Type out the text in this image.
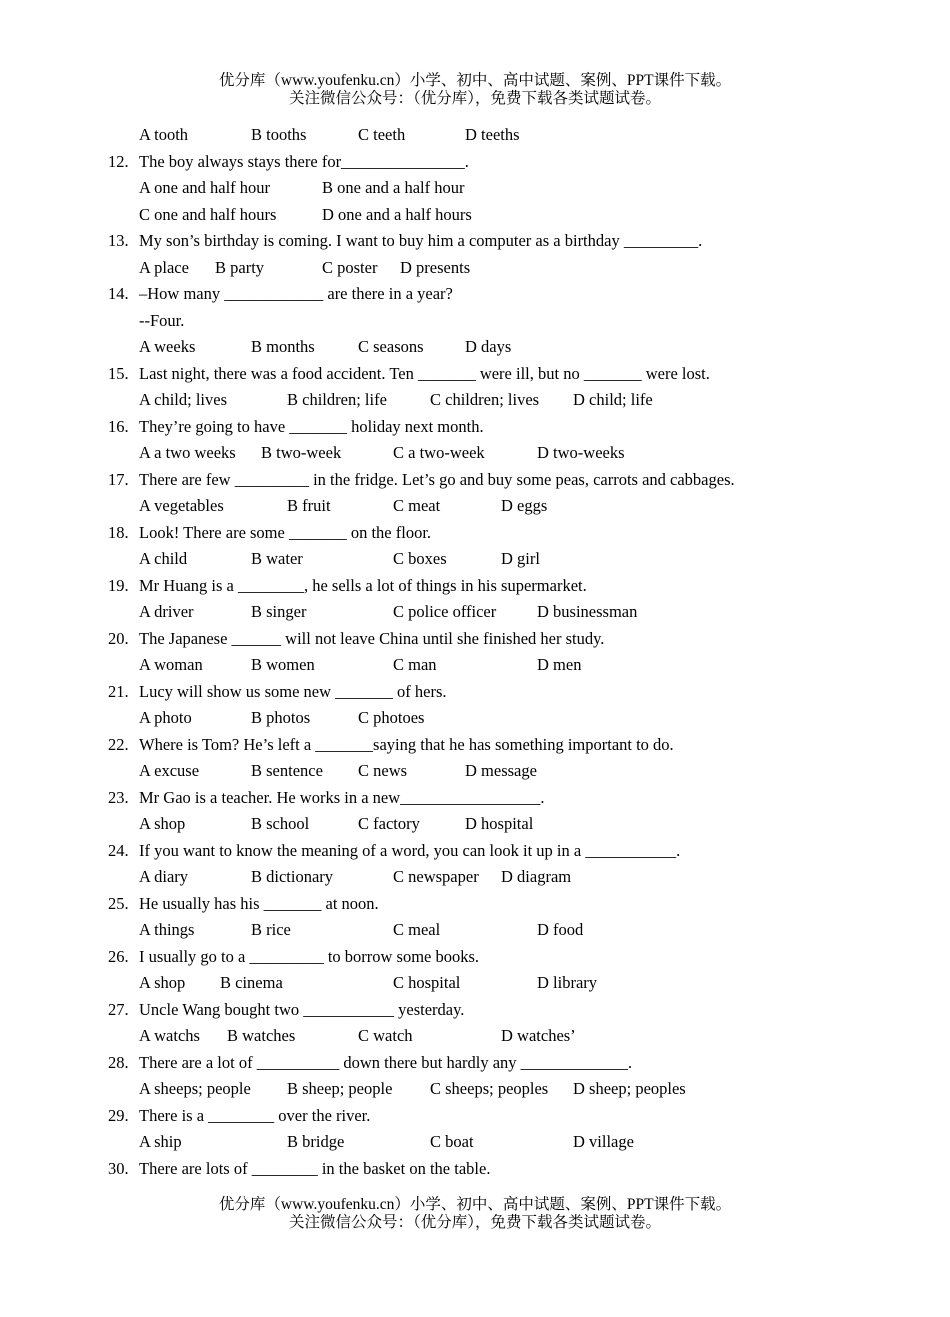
优分库（www.youfenku.cn）小学、初中、高中试题、案例、PPT课件下载。
关注微信公众号：（优分库），免费下载各类试题试卷。
A tooth	B tooths	C teeth	D teeths
12. The boy always stays there for_______________.
A one and half hour	B one and a half hour
C one and half hours	D one and a half hours
13. My son’s birthday is coming. I want to buy him a computer as a birthday _________.
A place B party	C poster D presents
14. –How many ____________ are there in a year?
--Four.
A weeks	B months	C seasons	D days
15. Last night, there was a food accident. Ten _______ were ill, but no _______ were lost.
A child; lives	B children; life	C children; lives D child; life
16. They’re going to have _______ holiday next month.
A a two weeks B two-week	C a two-week	D two-weeks
17. There are few _________ in the fridge. Let’s go and buy some peas, carrots and cabbages.
A vegetables	B fruit	C meat	D eggs
18. Look! There are some _______ on the floor.
A child	B water	C boxes	D girl
19. Mr Huang is a ________, he sells a lot of things in his supermarket.
A driver	B singer	C police officer D businessman
20. The Japanese ______ will not leave China until she finished her study.
A woman	B women	C man	D men
21. Lucy will show us some new _______ of hers.
A photo	B photos	C photoes
22. Where is Tom? He’s left a _______saying that he has something important to do.
A excuse	B sentence C news	D message
23. Mr Gao is a teacher. He works in a new_________________.
A shop	B school	C factory	D hospital
24. If you want to know the meaning of a word, you can look it up in a ___________.
A diary	B dictionary	C newspaper D diagram
25. He usually has his _______ at noon.
A things	B rice	C meal	D food
26. I usually go to a _________ to borrow some books.
A shop B cinema	C hospital	D library
27. Uncle Wang bought two ___________ yesterday.
A watchs B watches	C watch	D watches’
28. There are a lot of __________ down there but hardly any _____________.
A sheeps; people B sheep; people C sheeps; peoples D sheep; peoples
29. There is a ________ over the river.
A ship	B bridge	C boat	D village
30. There are lots of ________ in the basket on the table.
优分库（www.youfenku.cn）小学、初中、高中试题、案例、PPT课件下载。
关注微信公众号：（优分库），免费下载各类试题试卷。
